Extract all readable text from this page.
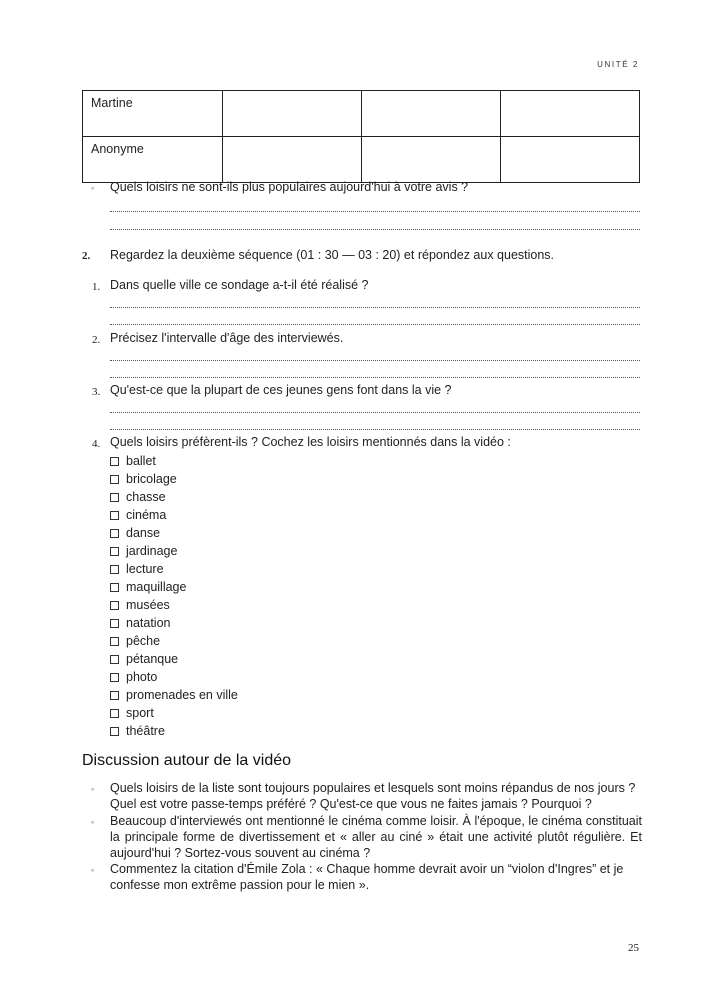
UNITÉ 2
Martine			
Anonyme			
◦ Quels loisirs ne sont-ils plus populaires aujourd'hui à votre avis ?
2. Regardez la deuxième séquence (01 : 30 — 03 : 20) et répondez aux questions.
1. Dans quelle ville ce sondage a-t-il été réalisé ?
2. Précisez l'intervalle d'âge des interviewés.
3. Qu'est-ce que la plupart de ces jeunes gens font dans la vie ?
4. Quels loisirs préfèrent-ils ? Cochez les loisirs mentionnés dans la vidéo :
ballet
bricolage
chasse
cinéma
danse
jardinage
lecture
maquillage
musées
natation
pêche
pétanque
photo
promenades en ville
sport
théâtre
Discussion autour de la vidéo
◦ Quels loisirs de la liste sont toujours populaires et lesquels sont moins répandus de nos jours ?
Quel est votre passe-temps préféré ? Qu'est-ce que vous ne faites jamais ? Pourquoi ?
◦ Beaucoup d'interviewés ont mentionné le cinéma comme loisir. À l'époque, le cinéma constituait
la principale forme de divertissement et « aller au ciné » était une activité plutôt régulière. Et
aujourd'hui ? Sortez-vous souvent au cinéma ?
◦ Commentez la citation d'Émile Zola : « Chaque homme devrait avoir un “violon d'Ingres” et je
confesse mon extrême passion pour le mien ».
25
